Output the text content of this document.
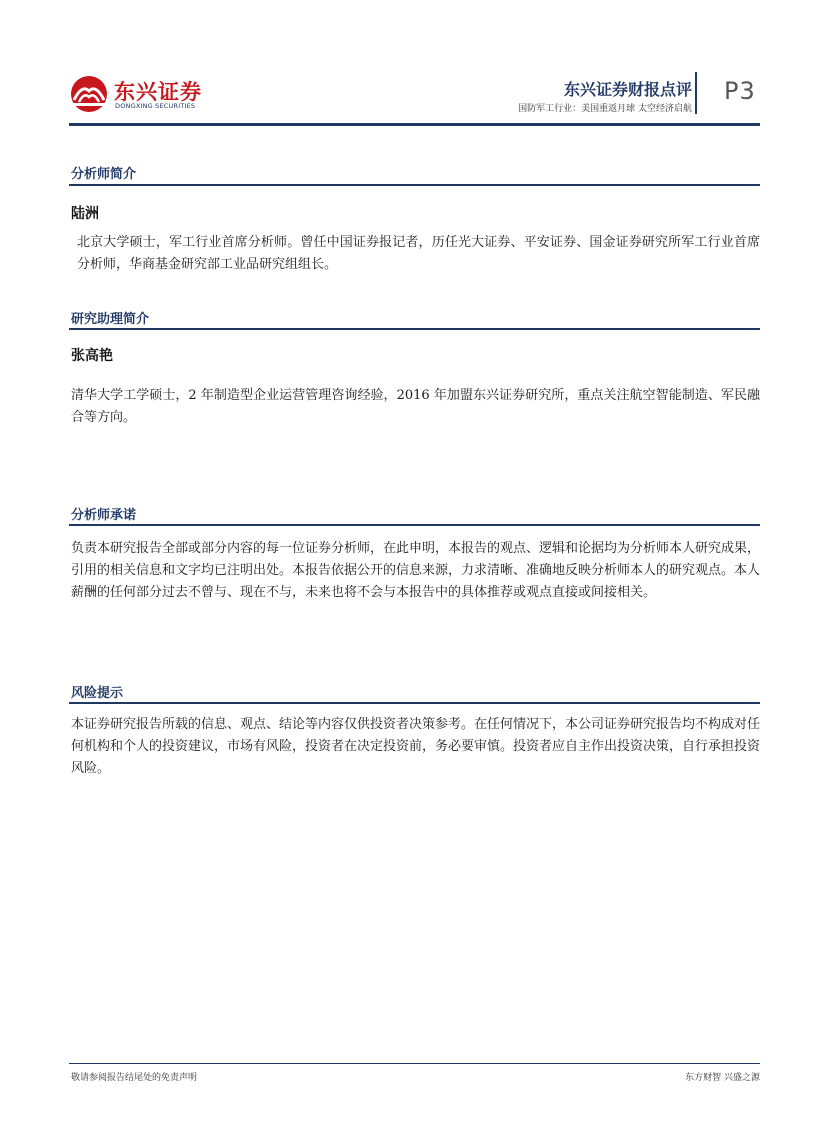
东兴证券
DONGXING SECURITIES
东兴证券财报点评
国防军工行业：美国重返月球 太空经济启航
P3
分析师简介
陆洲
北京大学硕士，军工行业首席分析师。曾任中国证券报记者，历任光大证券、平安证券、国金证券研究所军工行业首席分析师，华商基金研究部工业品研究组组长。
研究助理简介
张高艳
清华大学工学硕士，2 年制造型企业运营管理咨询经验，2016 年加盟东兴证券研究所，重点关注航空智能制造、军民融合等方向。
分析师承诺
负责本研究报告全部或部分内容的每一位证券分析师，在此申明，本报告的观点、逻辑和论据均为分析师本人研究成果，引用的相关信息和文字均已注明出处。本报告依据公开的信息来源，力求清晰、准确地反映分析师本人的研究观点。本人薪酬的任何部分过去不曾与、现在不与，未来也将不会与本报告中的具体推荐或观点直接或间接相关。
风险提示
本证券研究报告所载的信息、观点、结论等内容仅供投资者决策参考。在任何情况下，本公司证券研究报告均不构成对任何机构和个人的投资建议，市场有风险，投资者在决定投资前，务必要审慎。投资者应自主作出投资决策，自行承担投资风险。
敬请参阅报告结尾处的免责声明	东方财智 兴盛之源
